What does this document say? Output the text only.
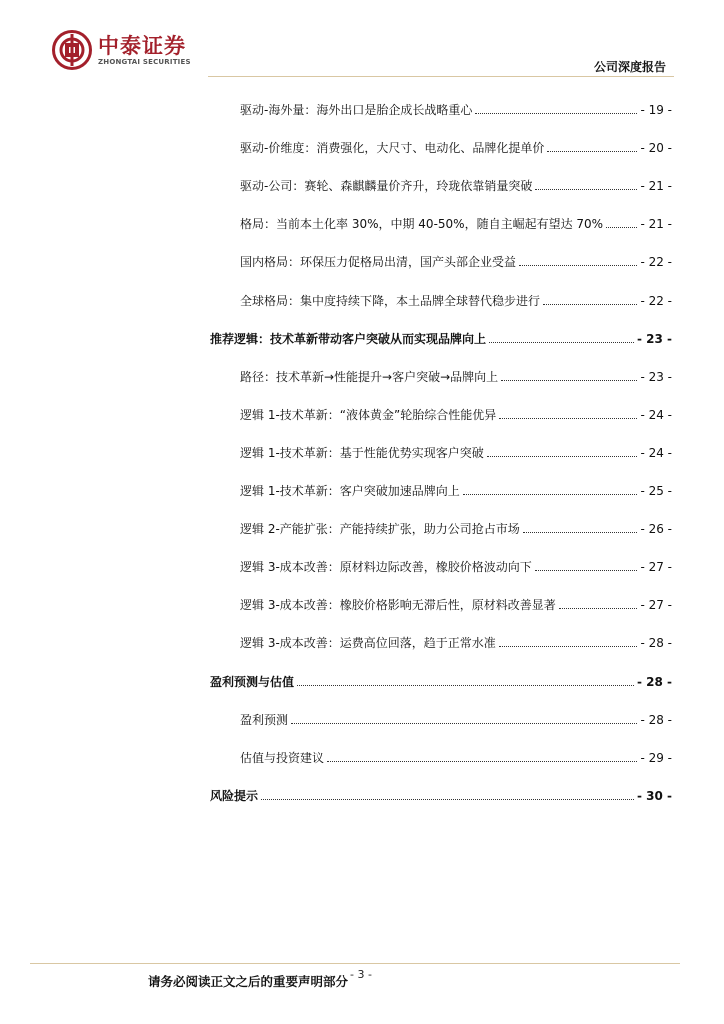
中泰证券
ZHONGTAI SECURITIES	公司深度报告
驱动-海外量：海外出口是胎企成长战略重心	- 19 -
驱动-价维度：消费强化，大尺寸、电动化、品牌化提单价	- 20 -
驱动-公司：赛轮、森麒麟量价齐升，玲珑依靠销量突破	- 21 -
格局：当前本土化率 30%，中期 40-50%，随自主崛起有望达 70%	- 21 -
国内格局：环保压力促格局出清，国产头部企业受益	- 22 -
全球格局：集中度持续下降，本土品牌全球替代稳步进行	- 22 -
推荐逻辑：技术革新带动客户突破从而实现品牌向上	- 23 -
路径：技术革新→性能提升→客户突破→品牌向上	- 23 -
逻辑 1-技术革新：“液体黄金”轮胎综合性能优异	- 24 -
逻辑 1-技术革新：基于性能优势实现客户突破	- 24 -
逻辑 1-技术革新：客户突破加速品牌向上	- 25 -
逻辑 2-产能扩张：产能持续扩张，助力公司抢占市场	- 26 -
逻辑 3-成本改善：原材料边际改善，橡胶价格波动向下	- 27 -
逻辑 3-成本改善：橡胶价格影响无滞后性，原材料改善显著	- 27 -
逻辑 3-成本改善：运费高位回落，趋于正常水准	- 28 -
盈利预测与估值	- 28 -
盈利预测	- 28 -
估值与投资建议	- 29 -
风险提示	- 30 -
请务必阅读正文之后的重要声明部分 - 3 -
